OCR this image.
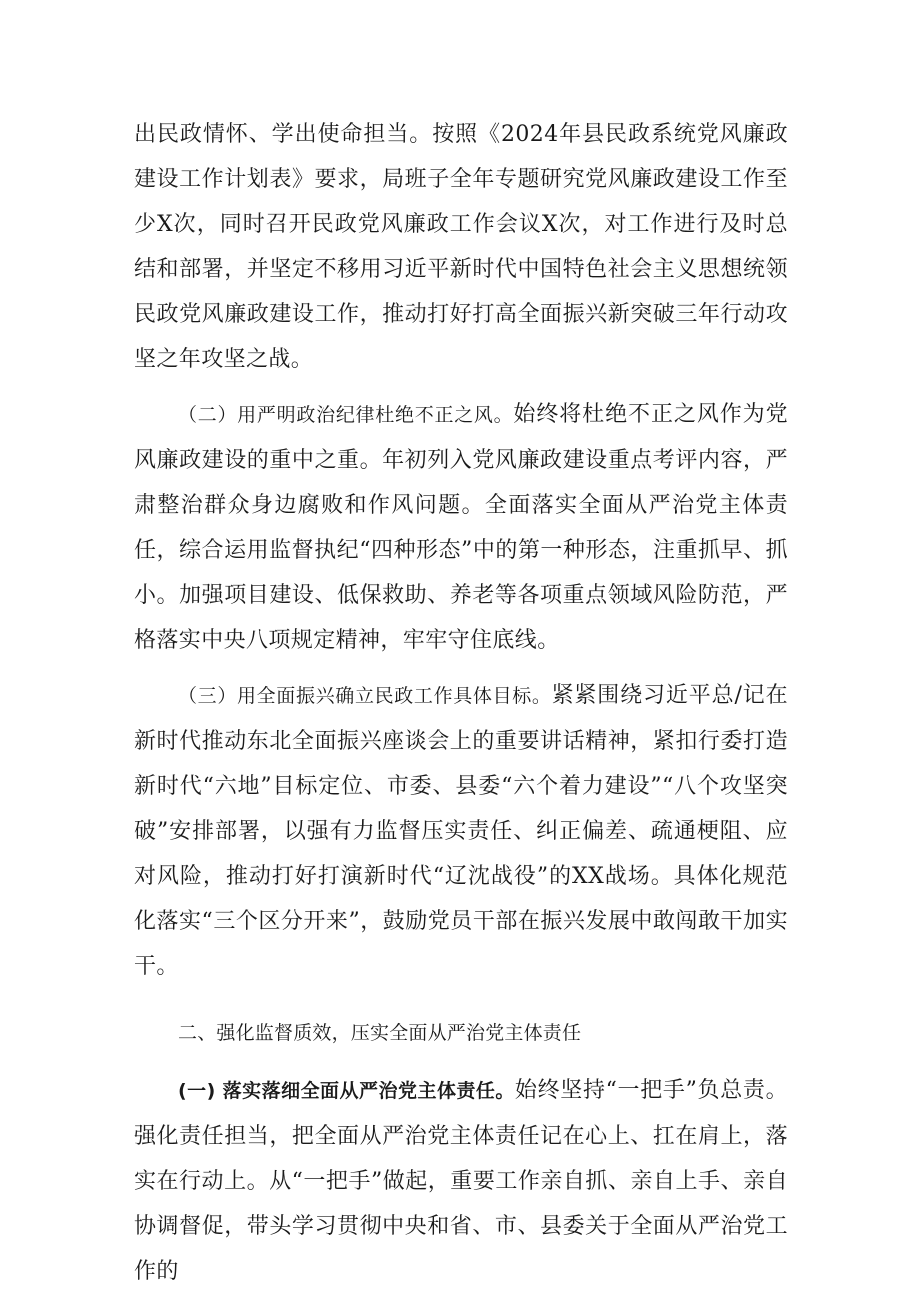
出民政情怀、学出使命担当。按照《2024年县民政系统党风廉政建设工作计划表》要求，局班子全年专题研究党风廉政建设工作至少X次，同时召开民政党风廉政工作会议X次，对工作进行及时总结和部署，并坚定不移用习近平新时代中国特色社会主义思想统领民政党风廉政建设工作，推动打好打高全面振兴新突破三年行动攻坚之年攻坚之战。

（二）用严明政治纪律杜绝不正之风。始终将杜绝不正之风作为党风廉政建设的重中之重。年初列入党风廉政建设重点考评内容，严肃整治群众身边腐败和作风问题。全面落实全面从严治党主体责任，综合运用监督执纪“四种形态”中的第一种形态，注重抓早、抓小。加强项目建设、低保救助、养老等各项重点领域风险防范，严格落实中央八项规定精神，牢牢守住底线。

（三）用全面振兴确立民政工作具体目标。紧紧围绕习近平总/记在新时代推动东北全面振兴座谈会上的重要讲话精神，紧扣行委打造新时代“六地”目标定位、市委、县委“六个着力建设”“八个攻坚突破”安排部署，以强有力监督压实责任、纠正偏差、疏通梗阻、应对风险，推动打好打演新时代“辽沈战役”的XX战场。具体化规范化落实“三个区分开来”，鼓励党员干部在振兴发展中敢闯敢干加实干。

二、强化监督质效，压实全面从严治党主体责任

(一) 落实落细全面从严治党主体责任。始终坚持“一把手”负总责。强化责任担当，把全面从严治党主体责任记在心上、扛在肩上，落实在行动上。从“一把手”做起，重要工作亲自抓、亲自上手、亲自协调督促，带头学习贯彻中央和省、市、县委关于全面从严治党工作的
